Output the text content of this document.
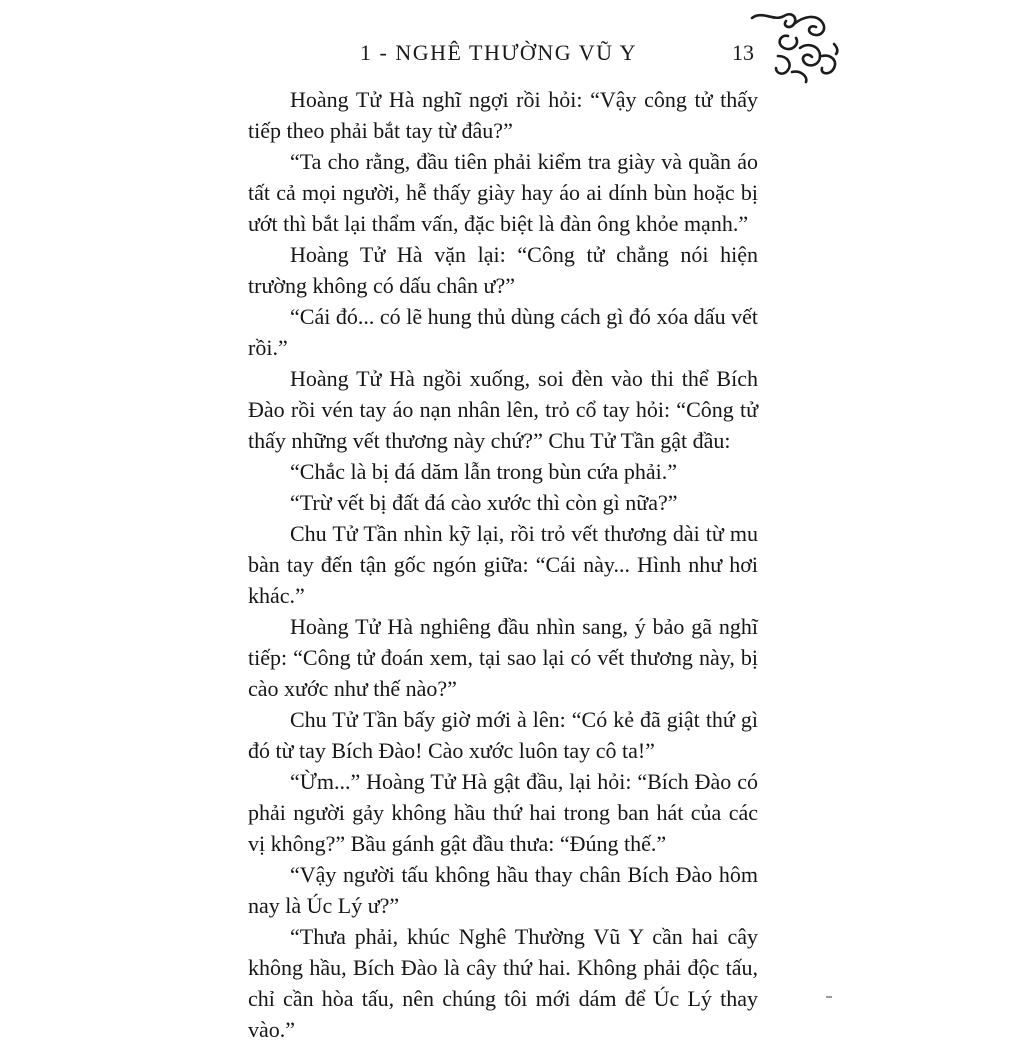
1 - NGHÊ THƯỜNG VŨ Y	13

Hoàng Tử Hà nghĩ ngợi rồi hỏi: “Vậy công tử thấy tiếp theo phải bắt tay từ đâu?”

“Ta cho rằng, đầu tiên phải kiểm tra giày và quần áo tất cả mọi người, hễ thấy giày hay áo ai dính bùn hoặc bị ướt thì bắt lại thẩm vấn, đặc biệt là đàn ông khỏe mạnh.”

Hoàng Tử Hà vặn lại: “Công tử chẳng nói hiện trường không có dấu chân ư?”

“Cái đó... có lẽ hung thủ dùng cách gì đó xóa dấu vết rồi.”

Hoàng Tử Hà ngồi xuống, soi đèn vào thi thể Bích Đào rồi vén tay áo nạn nhân lên, trỏ cổ tay hỏi: “Công tử thấy những vết thương này chứ?” Chu Tử Tần gật đầu:

“Chắc là bị đá dăm lẫn trong bùn cứa phải.”

“Trừ vết bị đất đá cào xước thì còn gì nữa?”

Chu Tử Tần nhìn kỹ lại, rồi trỏ vết thương dài từ mu bàn tay đến tận gốc ngón giữa: “Cái này... Hình như hơi khác.”

Hoàng Tử Hà nghiêng đầu nhìn sang, ý bảo gã nghĩ tiếp: “Công tử đoán xem, tại sao lại có vết thương này, bị cào xước như thế nào?”

Chu Tử Tần bấy giờ mới à lên: “Có kẻ đã giật thứ gì đó từ tay Bích Đào! Cào xước luôn tay cô ta!”

“Ừm...” Hoàng Tử Hà gật đầu, lại hỏi: “Bích Đào có phải người gảy không hầu thứ hai trong ban hát của các vị không?” Bầu gánh gật đầu thưa: “Đúng thế.”

“Vậy người tấu không hầu thay chân Bích Đào hôm nay là Úc Lý ư?”

“Thưa phải, khúc Nghê Thường Vũ Y cần hai cây không hầu, Bích Đào là cây thứ hai. Không phải độc tấu, chỉ cần hòa tấu, nên chúng tôi mới dám để Úc Lý thay vào.”
